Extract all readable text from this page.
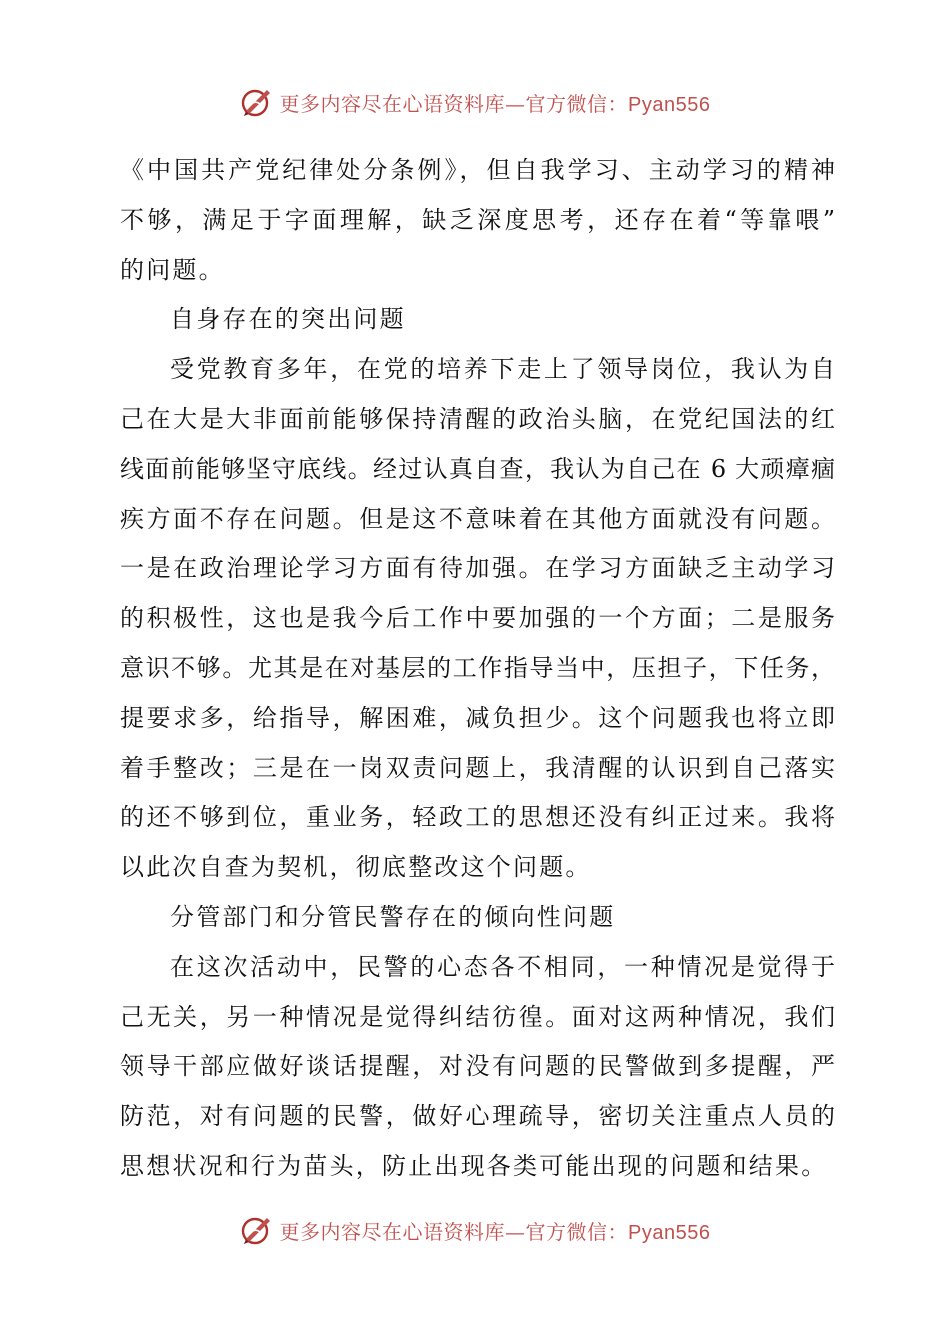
更多内容尽在心语资料库—官方微信：Pyan556
《中国共产党纪律处分条例》，但自我学习、主动学习的精神
不够，满足于字面理解，缺乏深度思考，还存在着“等靠喂”
的问题。
自身存在的突出问题
受党教育多年，在党的培养下走上了领导岗位，我认为自
己在大是大非面前能够保持清醒的政治头脑，在党纪国法的红
线面前能够坚守底线。经过认真自查，我认为自己在 6 大顽瘴痼
疾方面不存在问题。但是这不意味着在其他方面就没有问题。
一是在政治理论学习方面有待加强。在学习方面缺乏主动学习
的积极性，这也是我今后工作中要加强的一个方面；二是服务
意识不够。尤其是在对基层的工作指导当中，压担子，下任务，
提要求多，给指导，解困难，减负担少。这个问题我也将立即
着手整改；三是在一岗双责问题上，我清醒的认识到自己落实
的还不够到位，重业务，轻政工的思想还没有纠正过来。我将
以此次自查为契机，彻底整改这个问题。
分管部门和分管民警存在的倾向性问题
在这次活动中，民警的心态各不相同，一种情况是觉得于
己无关，另一种情况是觉得纠结彷徨。面对这两种情况，我们
领导干部应做好谈话提醒，对没有问题的民警做到多提醒，严
防范，对有问题的民警，做好心理疏导，密切关注重点人员的
思想状况和行为苗头，防止出现各类可能出现的问题和结果。
更多内容尽在心语资料库—官方微信：Pyan556
